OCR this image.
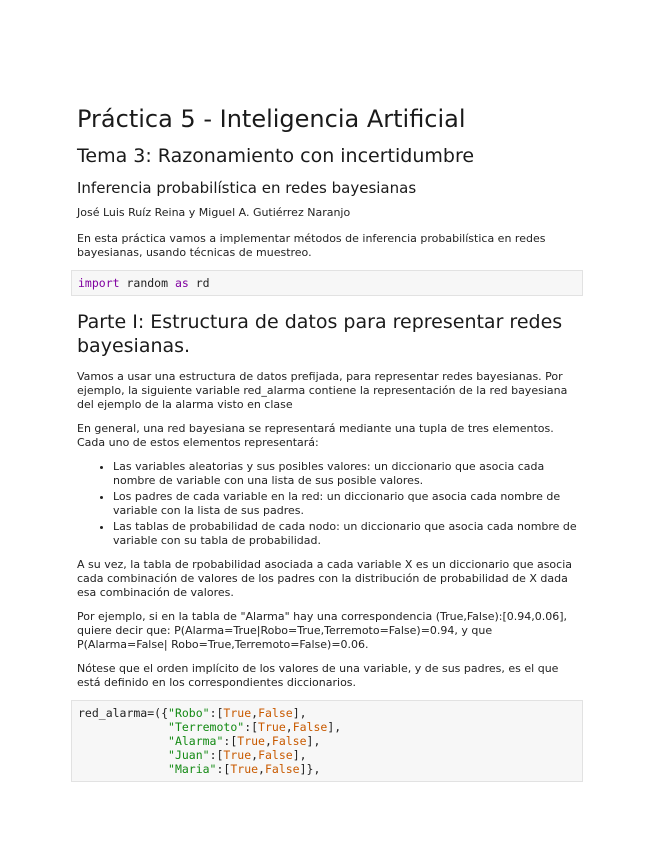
Práctica 5 - Inteligencia Artificial
Tema 3: Razonamiento con incertidumbre
Inferencia probabilística en redes bayesianas

José Luis Ruíz Reina y Miguel A. Gutiérrez Naranjo

En esta práctica vamos a implementar métodos de inferencia probabilística en redes bayesianas, usando técnicas de muestreo.

import random as rd
Parte I: Estructura de datos para representar redes bayesianas.

Vamos a usar una estructura de datos prefijada, para representar redes bayesianas. Por ejemplo, la siguiente variable red_alarma contiene la representación de la red bayesiana del ejemplo de la alarma visto en clase

En general, una red bayesiana se representará mediante una tupla de tres elementos. Cada uno de estos elementos representará:

• Las variables aleatorias y sus posibles valores: un diccionario que asocia cada nombre de variable con una lista de sus posible valores.
• Los padres de cada variable en la red: un diccionario que asocia cada nombre de variable con la lista de sus padres.
• Las tablas de probabilidad de cada nodo: un diccionario que asocia cada nombre de variable con su tabla de probabilidad.

A su vez, la tabla de rpobabilidad asociada a cada variable X es un diccionario que asocia cada combinación de valores de los padres con la distribución de probabilidad de X dada esa combinación de valores.

Por ejemplo, si en la tabla de "Alarma" hay una correspondencia (True,False):[0.94,0.06], quiere decir que: P(Alarma=True|Robo=True,Terremoto=False)=0.94, y que P(Alarma=False| Robo=True,Terremoto=False)=0.06.

Nótese que el orden implícito de los valores de una variable, y de sus padres, es el que está definido en los correspondientes diccionarios.

red_alarma=({"Robo":[True,False],
"Terremoto":[True,False],
"Alarma":[True,False],
"Juan":[True,False],
"Maria":[True,False]},
